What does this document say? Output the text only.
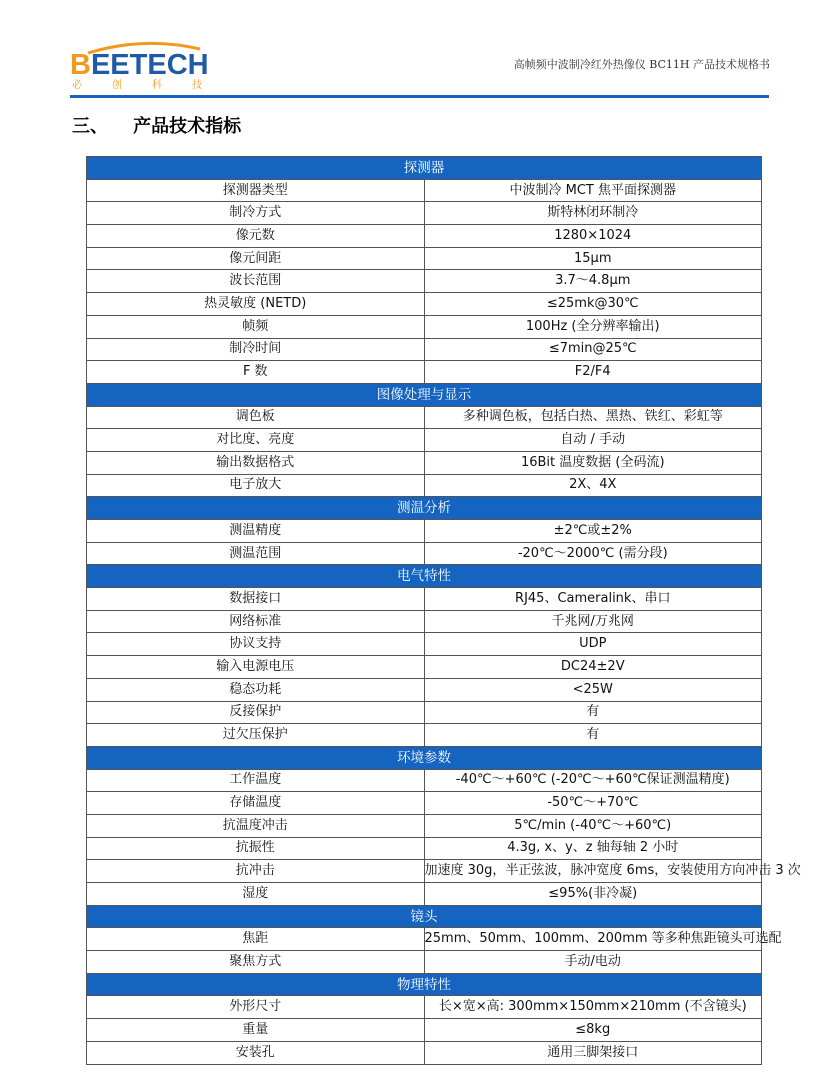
BEETECH
必	创	科	技
高帧频中波制冷红外热像仪 BC11H 产品技术规格书
三、    产品技术指标
探测器	
探测器类型	中波制冷 MCT 焦平面探测器
制冷方式	斯特林闭环制冷
像元数	1280×1024
像元间距	15μm
波长范围	3.7～4.8μm
热灵敏度 (NETD)	≤25mk@30℃
帧频	100Hz (全分辨率输出)
制冷时间	≤7min@25℃
F 数	F2/F4
图像处理与显示	
调色板	多种调色板，包括白热、黑热、铁红、彩虹等
对比度、亮度	自动 / 手动
输出数据格式	16Bit 温度数据 (全码流)
电子放大	2X、4X
测温分析	
测温精度	±2℃或±2%
测温范围	-20℃～2000℃ (需分段)
电气特性	
数据接口	RJ45、Cameralink、串口
网络标准	千兆网/万兆网
协议支持	UDP
输入电源电压	DC24±2V
稳态功耗	<25W
反接保护	有
过欠压保护	有
环境参数	
工作温度	-40℃～+60℃ (-20℃～+60℃保证测温精度)
存储温度	-50℃～+70℃
抗温度冲击	5℃/min (-40℃～+60℃)
抗振性	4.3g, x、y、z 轴每轴 2 小时
抗冲击	加速度 30g，半正弦波，脉冲宽度 6ms，安装使用方向冲击 3 次
湿度	≤95%(非冷凝)
镜头	
焦距	25mm、50mm、100mm、200mm 等多种焦距镜头可选配
聚焦方式	手动/电动
物理特性	
外形尺寸	长×宽×高: 300mm×150mm×210mm (不含镜头)
重量	≤8kg
安装孔	通用三脚架接口
